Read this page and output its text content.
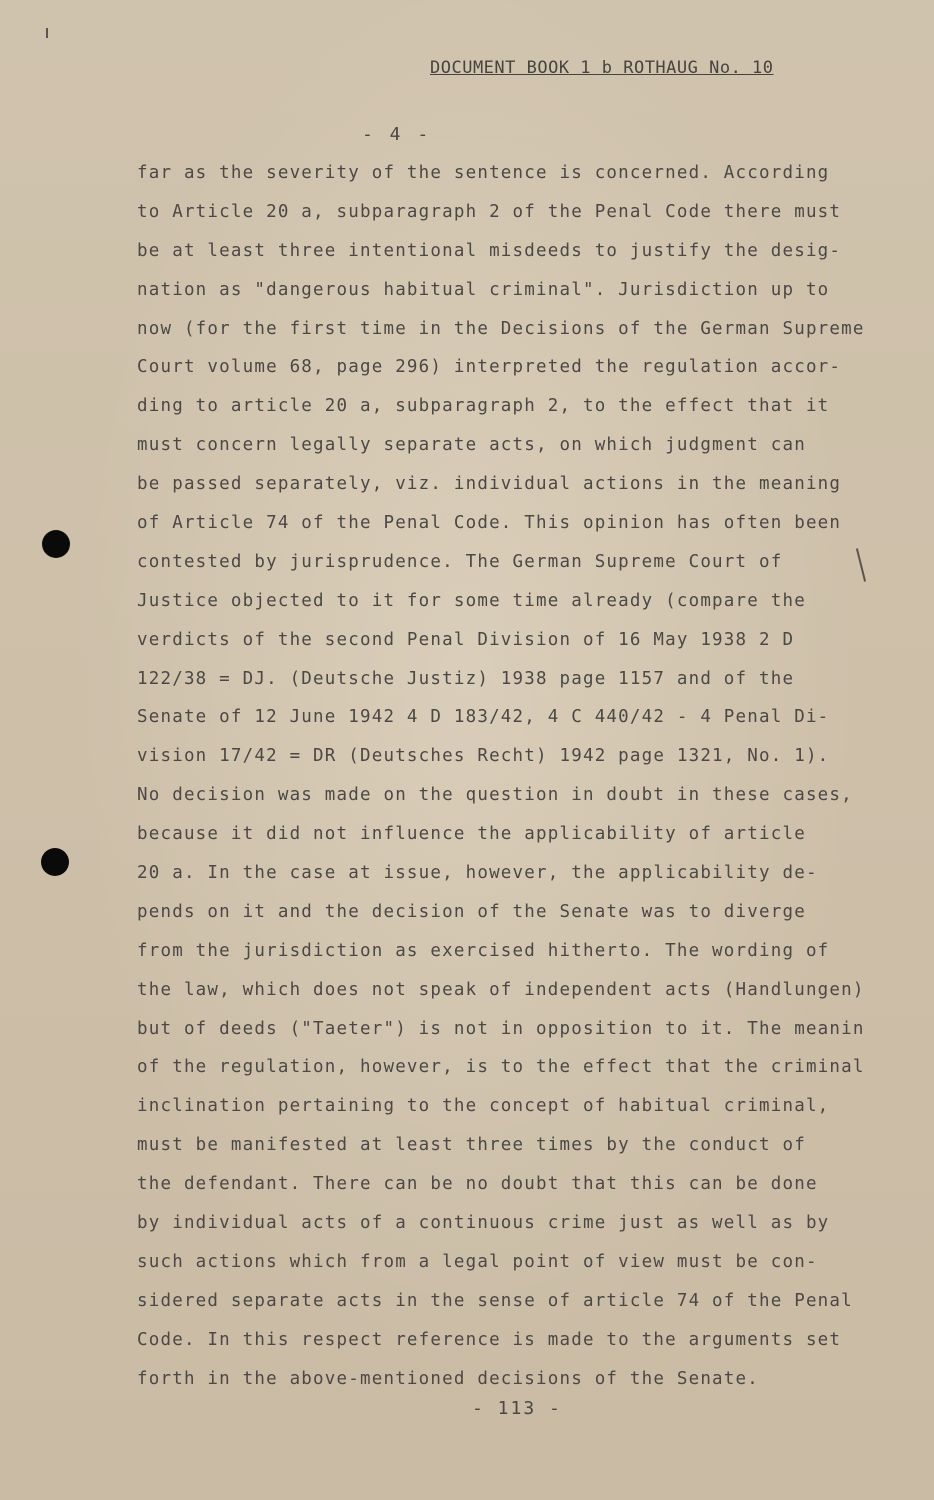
DOCUMENT BOOK 1 b ROTHAUG No. 10
- 4 -
far as the severity of the sentence is concerned. According
to Article 20 a, subparagraph 2 of the Penal Code there must
be at least three intentional misdeeds to justify the desig-
nation as "dangerous habitual criminal". Jurisdiction up to
now (for the first time in the Decisions of the German Supreme
Court volume 68, page 296) interpreted the regulation accor-
ding to article 20 a, subparagraph 2, to the effect that it
must concern legally separate acts, on which judgment can
be passed separately, viz. individual actions in the meaning
of Article 74 of the Penal Code. This opinion has often been
contested by jurisprudence. The German Supreme Court of
Justice objected to it for some time already (compare the
verdicts of the second Penal Division of 16 May 1938 2 D
122/38 = DJ. (Deutsche Justiz) 1938 page 1157 and of the
Senate of 12 June 1942 4 D 183/42, 4 C 440/42 - 4 Penal Di-
vision 17/42 = DR (Deutsches Recht) 1942 page 1321, No. 1).
No decision was made on the question in doubt in these cases,
because it did not influence the applicability of article
20 a. In the case at issue, however, the applicability de-
pends on it and the decision of the Senate was to diverge
from the jurisdiction as exercised hitherto. The wording of
the law, which does not speak of independent acts (Handlungen)
but of deeds ("Taeter") is not in opposition to it. The meanin
of the regulation, however, is to the effect that the criminal
inclination pertaining to the concept of habitual criminal,
must be manifested at least three times by the conduct of
the defendant. There can be no doubt that this can be done
by individual acts of a continuous crime just as well as by
such actions which from a legal point of view must be con-
sidered separate acts in the sense of article 74 of the Penal
Code. In this respect reference is made to the arguments set
forth in the above-mentioned decisions of the Senate.
- 113 -
